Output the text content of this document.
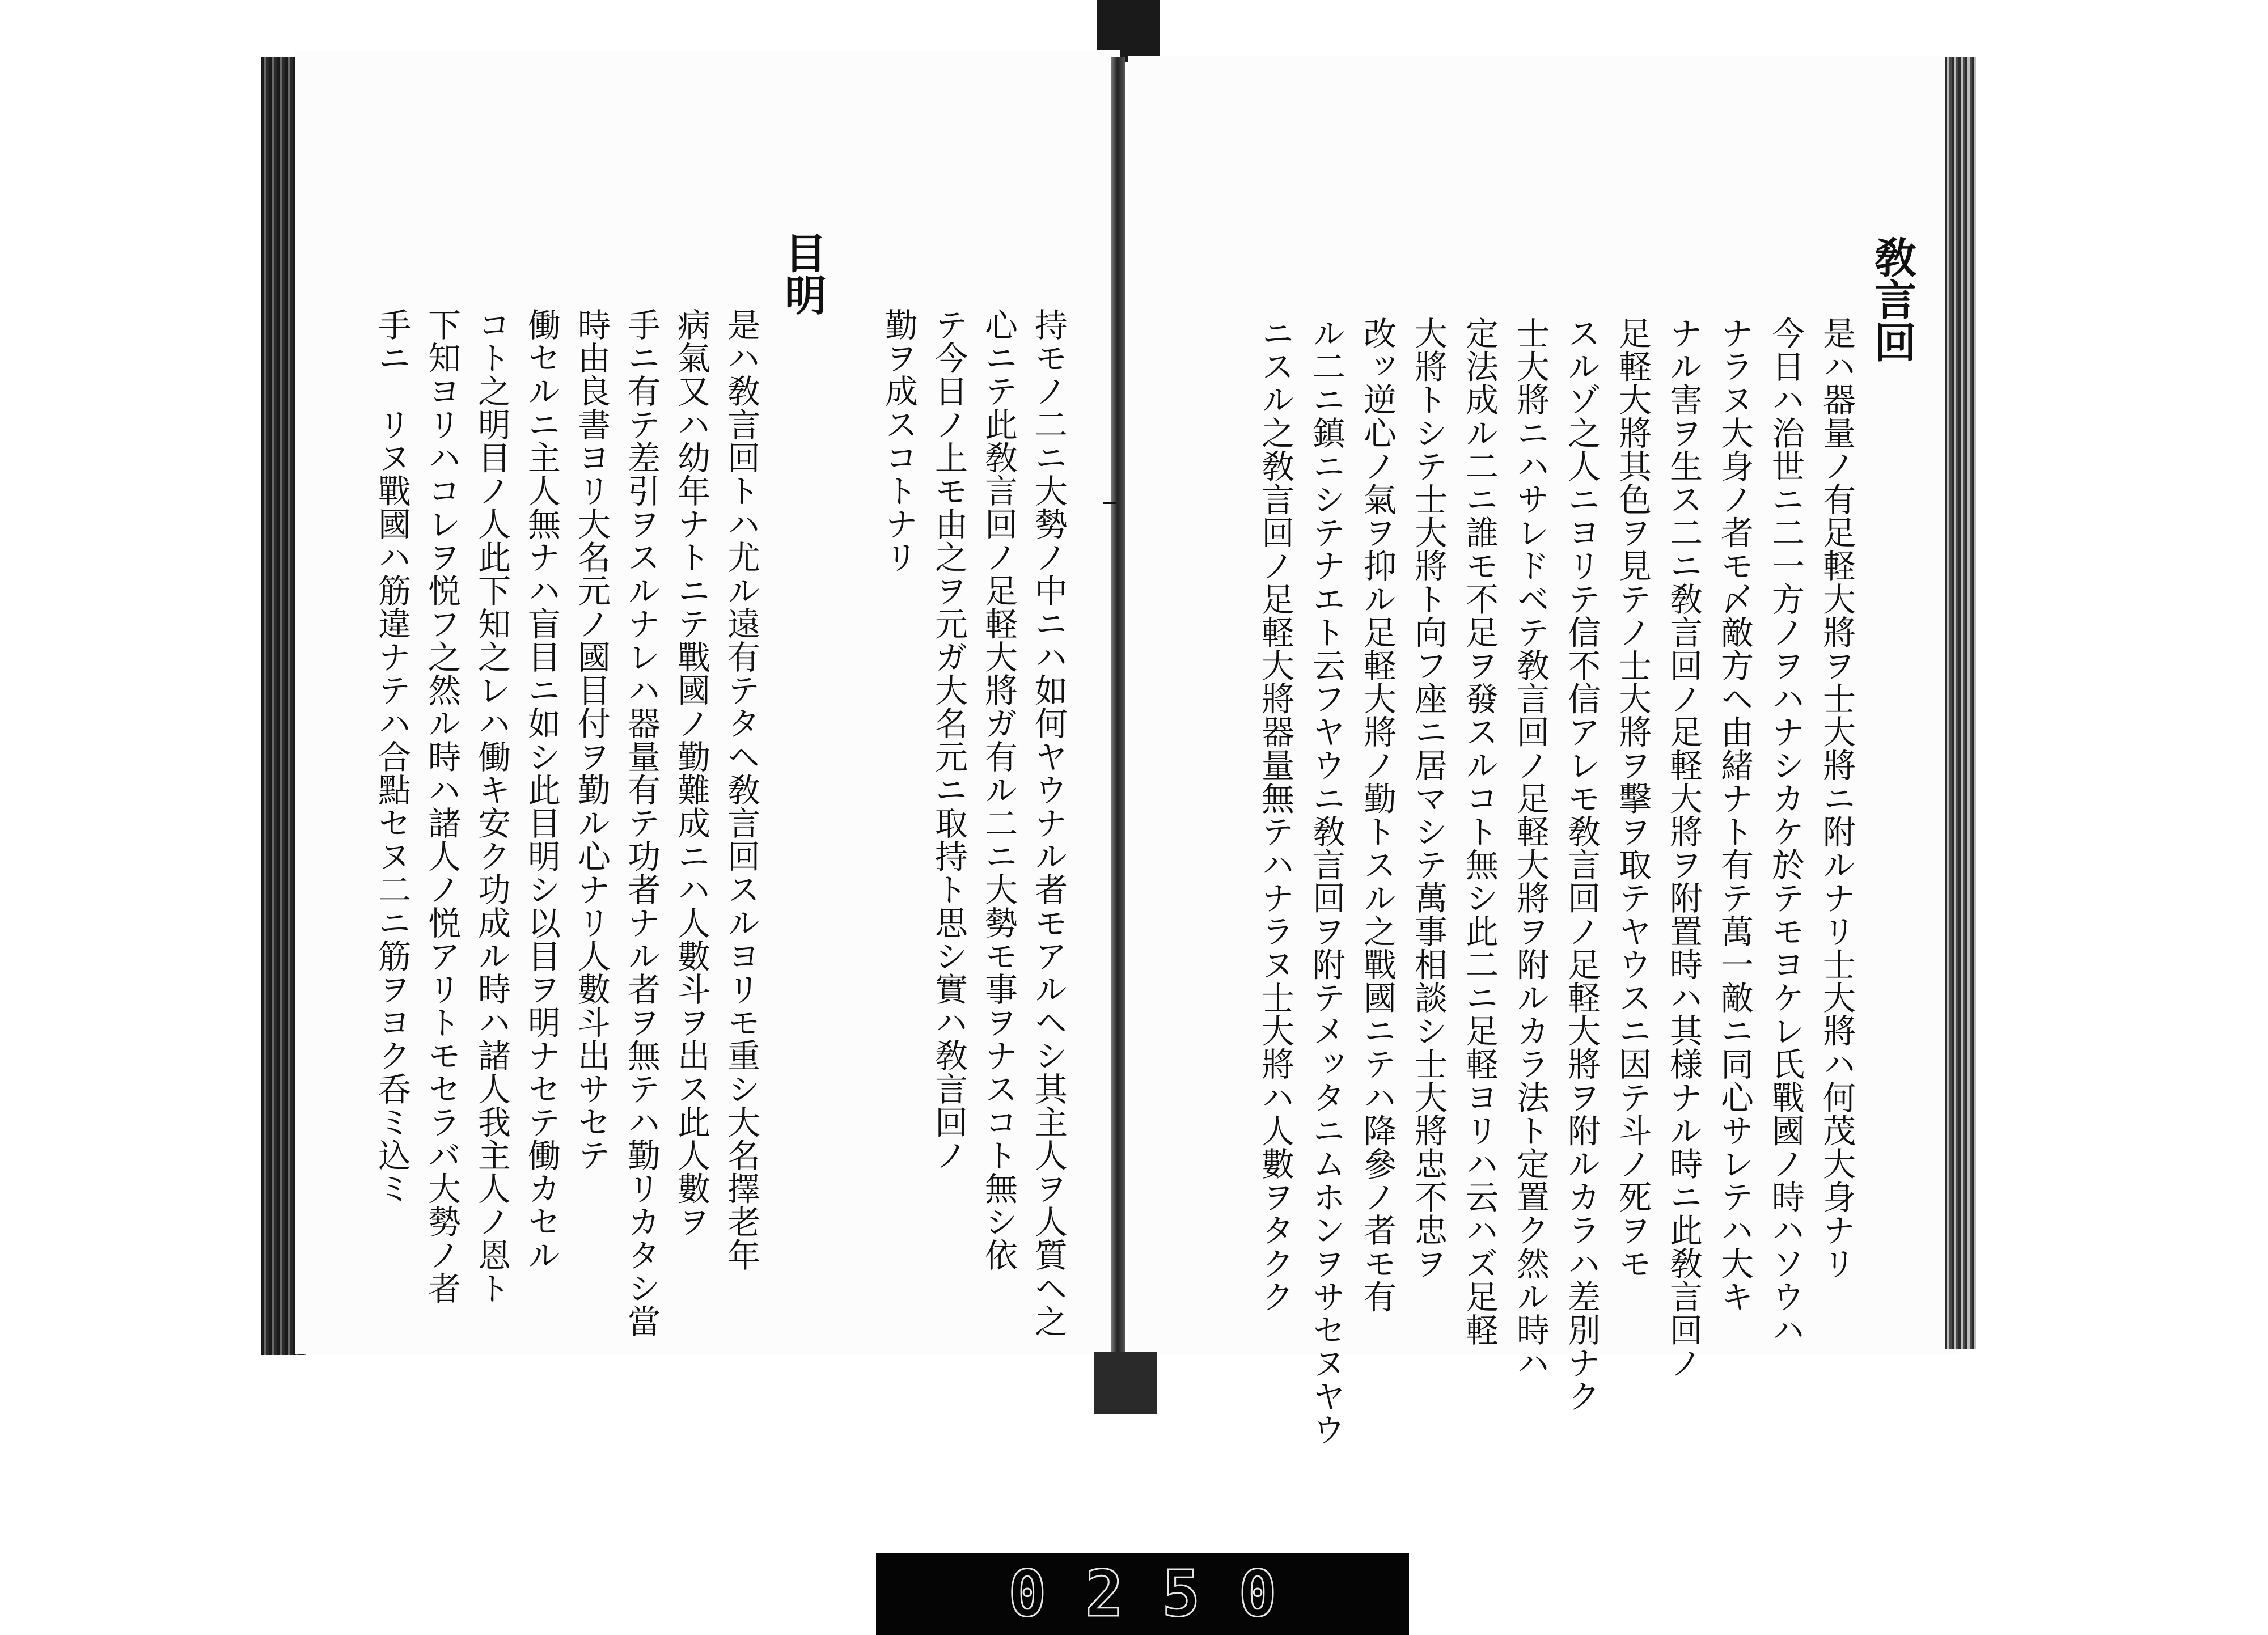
持モノ二ニ大勢ノ中ニハ如何ヤウナル者モアルヘシ其主人ヲ人質ヘ之
心ニテ此敎言回ノ足軽大將ガ有ル二ニ大勢モ事ヲナスコト無シ依
テ今日ノ上モ由之ヲ元ガ大名元ニ取持ト思シ實ハ敎言回ノ
勤ヲ成スコトナリ
目明
是ハ敎言回トハ尤ル遠有テタヘ敎言回スルヨリモ重シ大名擇老年
病氣又ハ幼年ナトニテ戰國ノ勤難成ニハ人數斗ヲ出ス此人數ヲ
手ニ有テ差引ヲスルナレハ器量有テ功者ナル者ヲ無テハ勤リカタシ當
時由良書ヨリ大名元ノ國目付ヲ勤ル心ナリ人數斗出サセテ
働セルニ主人無ナハ盲目ニ如シ此目明シ以目ヲ明ナセテ働カセル
コト之明目ノ人此下知之レハ働キ安ク功成ル時ハ諸人我主人ノ恩ト
下知ヨリハコレヲ悦フ之然ル時ハ諸人ノ悦アリトモセラバ大勢ノ者
手ニ　リヌ戰國ハ筋違ナテハ合點セヌ二ニ筋ヲヨク呑ミ込ミ
敎言回
是ハ器量ノ有足軽大將ヲ士大將ニ附ルナリ士大將ハ何茂大身ナリ
今日ハ治世ニ二一方ノヲハナシカケ於テモヨケレ氏戰國ノ時ハソウハ
ナラヌ大身ノ者モ〆敵方ヘ由緒ナト有テ萬一敵ニ同心サレテハ大キ
ナル害ヲ生ス二ニ敎言回ノ足軽大將ヲ附置時ハ其様ナル時ニ此敎言回ノ
足軽大將其色ヲ見テノ士大將ヲ擊ヲ取テヤウスニ因テ斗ノ死ヲモ
スルゾ之人ニヨリテ信不信アレモ敎言回ノ足軽大將ヲ附ルカラハ差別ナク
士大將ニハサレドベテ敎言回ノ足軽大將ヲ附ルカラ法ト定置ク然ル時ハ
定法成ル二ニ誰モ不足ヲ發スルコト無シ此二ニ足軽ヨリハ云ハズ足軽
大將トシテ士大將ト向フ座ニ居マシテ萬事相談シ士大將忠不忠ヲ
改ッ逆心ノ氣ヲ抑ル足軽大將ノ勤トスル之戰國ニテハ降參ノ者モ有
ル二ニ鎮ニシテナエト云フヤウニ敎言回ヲ附テメッタニムホンヲサセヌヤウ
ニスル之敎言回ノ足軽大將器量無テハナラヌ士大將ハ人數ヲタクク
0250
